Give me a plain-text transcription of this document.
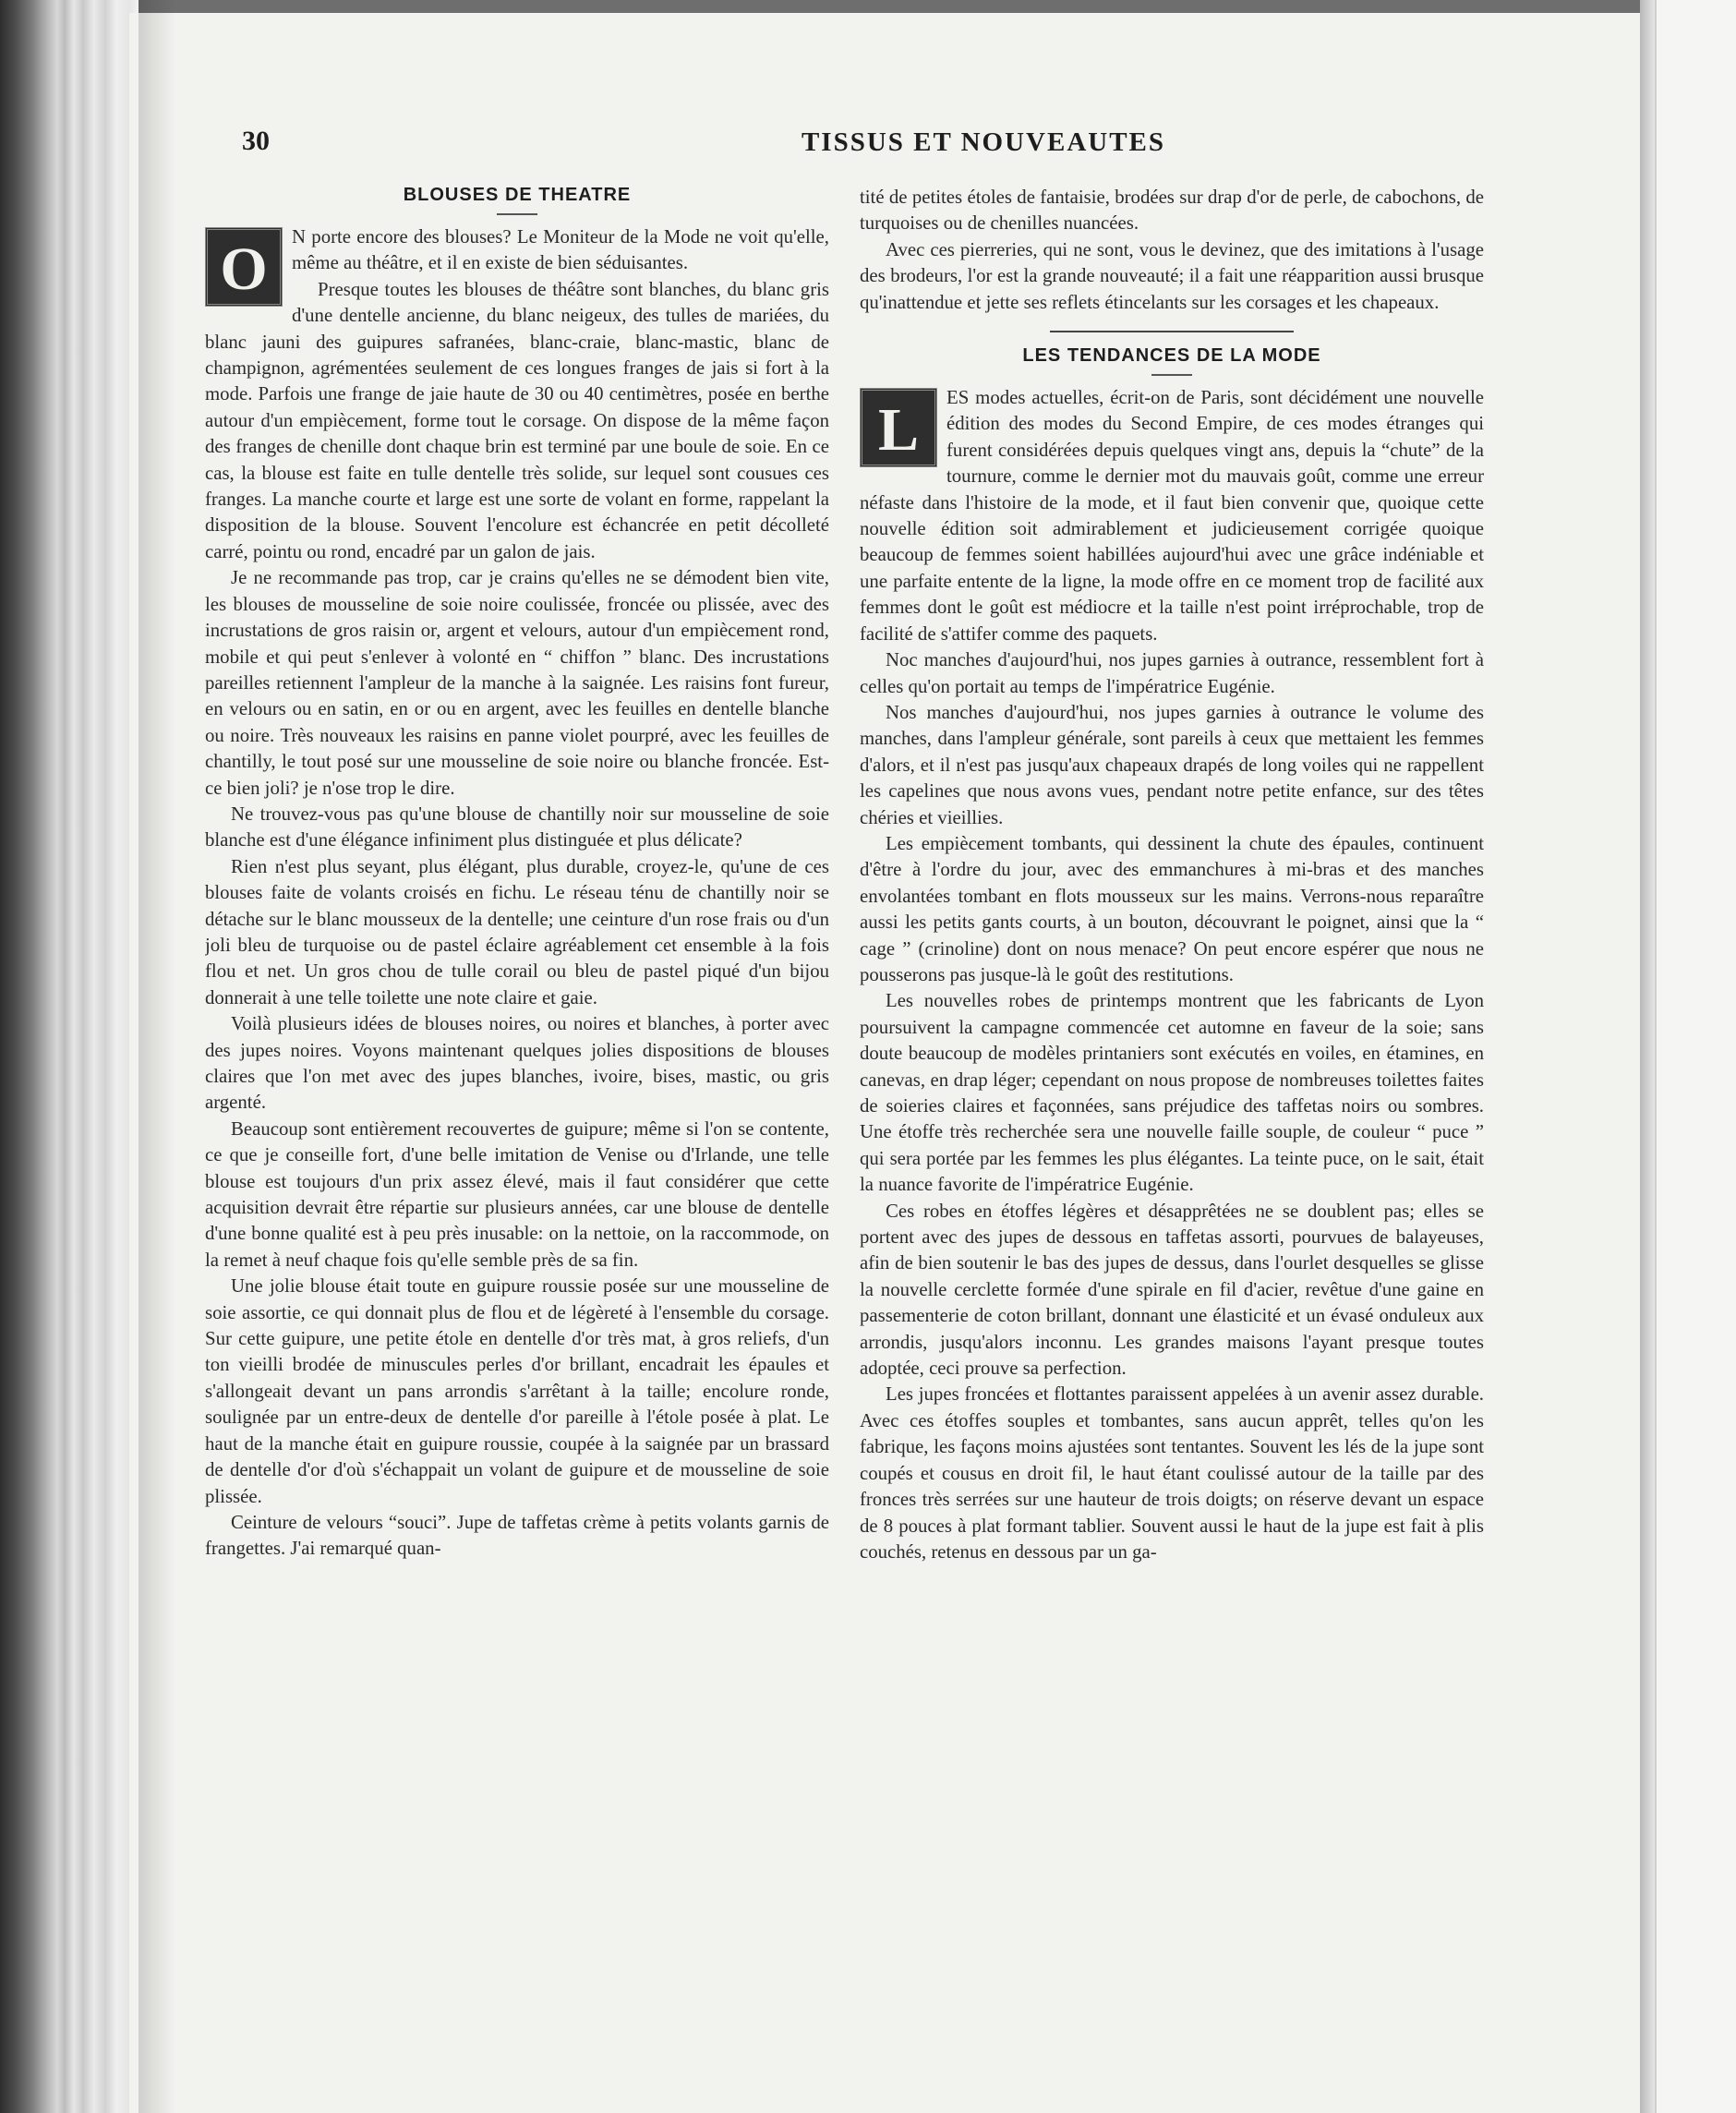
30	TISSUS ET NOUVEAUTES
BLOUSES DE THEATRE

O	N porte encore des blouses? Le Moniteur de la Mode ne voit qu'elle, même au théâtre, et il en existe de bien séduisantes.

Presque toutes les blouses de théâtre sont blanches, du blanc gris d'une dentelle ancienne, du blanc neigeux, des tulles de mariées, du blanc jauni des guipures safranées, blanc-craie, blanc-mastic, blanc de champignon, agrémentées seulement de ces longues franges de jais si fort à la mode. Parfois une frange de jaie haute de 30 ou 40 centimètres, posée en berthe autour d'un empiècement, forme tout le corsage. On dispose de la même façon des franges de chenille dont chaque brin est terminé par une boule de soie. En ce cas, la blouse est faite en tulle dentelle très solide, sur lequel sont cousues ces franges. La manche courte et large est une sorte de volant en forme, rappelant la disposition de la blouse. Souvent l'encolure est échancrée en petit décolleté carré, pointu ou rond, encadré par un galon de jais.

Je ne recommande pas trop, car je crains qu'elles ne se démodent bien vite, les blouses de mousseline de soie noire coulissée, froncée ou plissée, avec des incrustations de gros raisin or, argent et velours, autour d'un empiècement rond, mobile et qui peut s'enlever à volonté en “ chiffon ” blanc. Des incrustations pareilles retiennent l'ampleur de la manche à la saignée. Les raisins font fureur, en velours ou en satin, en or ou en argent, avec les feuilles en dentelle blanche ou noire. Très nouveaux les raisins en panne violet pourpré, avec les feuilles de chantilly, le tout posé sur une mousseline de soie noire ou blanche froncée. Est-ce bien joli? je n'ose trop le dire.

Ne trouvez-vous pas qu'une blouse de chantilly noir sur mousseline de soie blanche est d'une élégance infiniment plus distinguée et plus délicate?

Rien n'est plus seyant, plus élégant, plus durable, croyez-le, qu'une de ces blouses faite de volants croisés en fichu. Le réseau ténu de chantilly noir se détache sur le blanc mousseux de la dentelle; une ceinture d'un rose frais ou d'un joli bleu de turquoise ou de pastel éclaire agréablement cet ensemble à la fois flou et net. Un gros chou de tulle corail ou bleu de pastel piqué d'un bijou donnerait à une telle toilette une note claire et gaie.

Voilà plusieurs idées de blouses noires, ou noires et blanches, à porter avec des jupes noires. Voyons maintenant quelques jolies dispositions de blouses claires que l'on met avec des jupes blanches, ivoire, bises, mastic, ou gris argenté.

Beaucoup sont entièrement recouvertes de guipure; même si l'on se contente, ce que je conseille fort, d'une belle imitation de Venise ou d'Irlande, une telle blouse est toujours d'un prix assez élevé, mais il faut considérer que cette acquisition devrait être répartie sur plusieurs années, car une blouse de dentelle d'une bonne qualité est à peu près inusable: on la nettoie, on la raccommode, on la remet à neuf chaque fois qu'elle semble près de sa fin.

Une jolie blouse était toute en guipure roussie posée sur une mousseline de soie assortie, ce qui donnait plus de flou et de légèreté à l'ensemble du corsage. Sur cette guipure, une petite étole en dentelle d'or très mat, à gros reliefs, d'un ton vieilli brodée de minuscules perles d'or brillant, encadrait les épaules et s'allongeait devant un pans arrondis s'arrêtant à la taille; encolure ronde, soulignée par un entre-deux de dentelle d'or pareille à l'étole posée à plat. Le haut de la manche était en guipure roussie, coupée à la saignée par un brassard de dentelle d'or d'où s'échappait un volant de guipure et de mousseline de soie plissée.

Ceinture de velours “souci”. Jupe de taffetas crème à petits volants garnis de frangettes. J'ai remarqué quan-

tité de petites étoles de fantaisie, brodées sur drap d'or de perle, de cabochons, de turquoises ou de chenilles nuancées.

Avec ces pierreries, qui ne sont, vous le devinez, que des imitations à l'usage des brodeurs, l'or est la grande nouveauté; il a fait une réapparition aussi brusque qu'inattendue et jette ses reflets étincelants sur les corsages et les chapeaux.

LES TENDANCES DE LA MODE

L	ES modes actuelles, écrit-on de Paris, sont décidément une nouvelle édition des modes du Second Empire, de ces modes étranges qui furent considérées depuis quelques vingt ans, depuis la “chute” de la tournure, comme le dernier mot du mauvais goût, comme une erreur néfaste dans l'histoire de la mode, et il faut bien convenir que, quoique cette nouvelle édition soit admirablement et judicieusement corrigée quoique beaucoup de femmes soient habillées aujourd'hui avec une grâce indéniable et une parfaite entente de la ligne, la mode offre en ce moment trop de facilité aux femmes dont le goût est médiocre et la taille n'est point irréprochable, trop de facilité de s'attifer comme des paquets.

Noc manches d'aujourd'hui, nos jupes garnies à outrance, ressemblent fort à celles qu'on portait au temps de l'impératrice Eugénie.

Nos manches d'aujourd'hui, nos jupes garnies à outrance le volume des manches, dans l'ampleur générale, sont pareils à ceux que mettaient les femmes d'alors, et il n'est pas jusqu'aux chapeaux drapés de long voiles qui ne rappellent les capelines que nous avons vues, pendant notre petite enfance, sur des têtes chéries et vieillies.

Les empiècement tombants, qui dessinent la chute des épaules, continuent d'être à l'ordre du jour, avec des emmanchures à mi-bras et des manches envolantées tombant en flots mousseux sur les mains. Verrons-nous reparaître aussi les petits gants courts, à un bouton, découvrant le poignet, ainsi que la “ cage ” (crinoline) dont on nous menace? On peut encore espérer que nous ne pousserons pas jusque-là le goût des restitutions.

Les nouvelles robes de printemps montrent que les fabricants de Lyon poursuivent la campagne commencée cet automne en faveur de la soie; sans doute beaucoup de modèles printaniers sont exécutés en voiles, en étamines, en canevas, en drap léger; cependant on nous propose de nombreuses toilettes faites de soieries claires et façonnées, sans préjudice des taffetas noirs ou sombres. Une étoffe très recherchée sera une nouvelle faille souple, de couleur “ puce ” qui sera portée par les femmes les plus élégantes. La teinte puce, on le sait, était la nuance favorite de l'impératrice Eugénie.

Ces robes en étoffes légères et désapprêtées ne se doublent pas; elles se portent avec des jupes de dessous en taffetas assorti, pourvues de balayeuses, afin de bien soutenir le bas des jupes de dessus, dans l'ourlet desquelles se glisse la nouvelle cerclette formée d'une spirale en fil d'acier, revêtue d'une gaine en passementerie de coton brillant, donnant une élasticité et un évasé onduleux aux arrondis, jusqu'alors inconnu. Les grandes maisons l'ayant presque toutes adoptée, ceci prouve sa perfection.

Les jupes froncées et flottantes paraissent appelées à un avenir assez durable. Avec ces étoffes souples et tombantes, sans aucun apprêt, telles qu'on les fabrique, les façons moins ajustées sont tentantes. Souvent les lés de la jupe sont coupés et cousus en droit fil, le haut étant coulissé autour de la taille par des fronces très serrées sur une hauteur de trois doigts; on réserve devant un espace de 8 pouces à plat formant tablier. Souvent aussi le haut de la jupe est fait à plis couchés, retenus en dessous par un ga-
